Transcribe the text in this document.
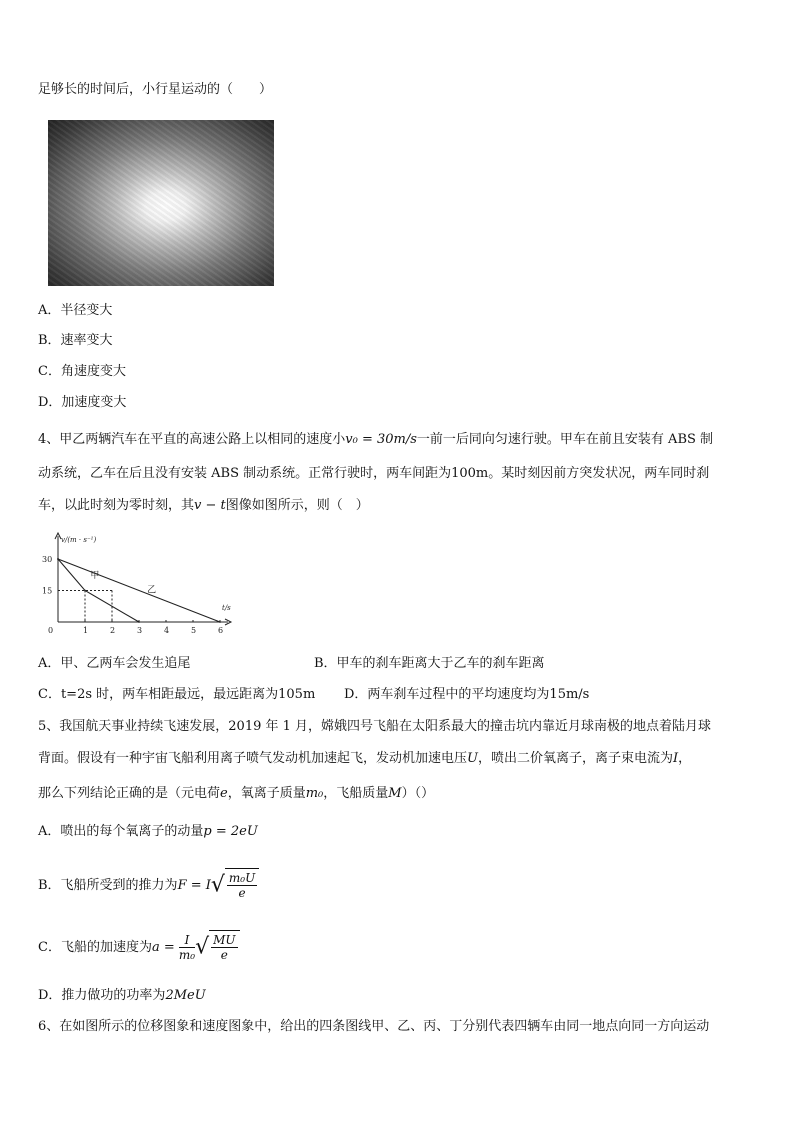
足够长的时间后，小行星运动的（　　）
A．半径变大
B．速率变大
C．角速度变大
D．加速度变大
4、甲乙两辆汽车在平直的高速公路上以相同的速度小v₀ = 30m/s一前一后同向匀速行驶。甲车在前且安装有 ABS 制
动系统，乙车在后且没有安装 ABS 制动系统。正常行驶时，两车间距为100m。某时刻因前方突发状况，两车同时刹
车，以此时刻为零时刻，其v − t图像如图所示，则（　）
v/(m · s⁻¹)
t/s
0	1	2	3	4	5	6
15
30
甲
乙
A．甲、乙两车会发生追尾	B．甲车的刹车距离大于乙车的刹车距离
C．t=2s 时，两车相距最远，最远距离为105m D．两车刹车过程中的平均速度均为15m/s
5、我国航天事业持续飞速发展，2019 年 1 月，嫦娥四号飞船在太阳系最大的撞击坑内靠近月球南极的地点着陆月球
背面。假设有一种宇宙飞船利用离子喷气发动机加速起飞，发动机加速电压U，喷出二价氧离子，离子束电流为I，
那么下列结论正确的是（元电荷e，氧离子质量m₀，飞船质量M）（）
A．喷出的每个氧离子的动量p = 2eU
B．飞船所受到的推力为$F = I√ \frac{\text{m₀U}}{e}$
C．飞船的加速度为$a = \frac{I}{\text{m₀}}$ √ $\frac{MU}{e}$
D．推力做功的功率为2MeU
6、在如图所示的位移图象和速度图象中，给出的四条图线甲、乙、丙、丁分别代表四辆车由同一地点向同一方向运动
